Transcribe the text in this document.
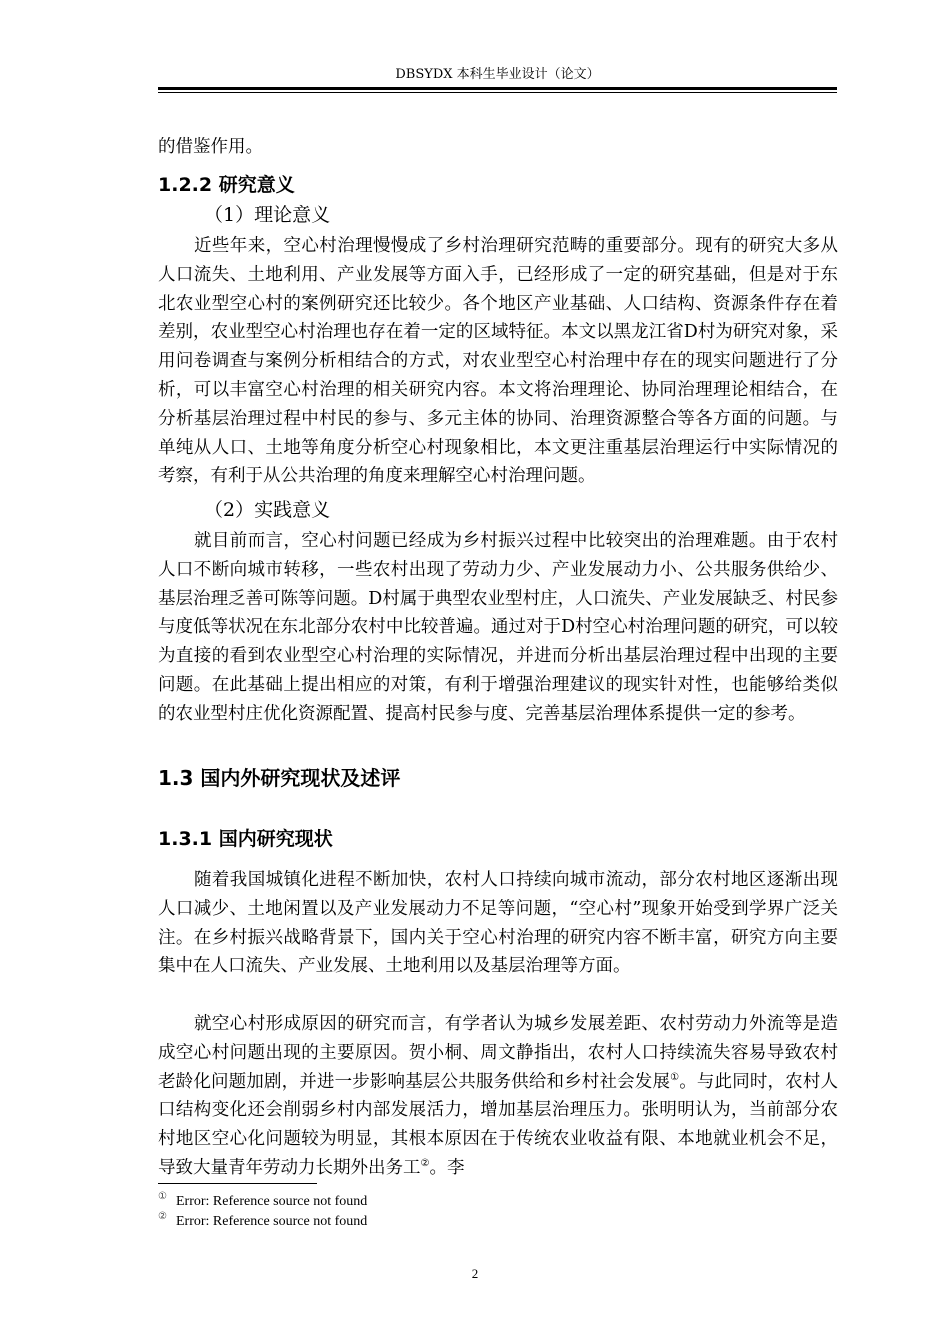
DBSYDX 本科生毕业设计（论文）

的借鉴作用。

1.2.2 研究意义

（1）理论意义

近些年来，空心村治理慢慢成了乡村治理研究范畴的重要部分。现有的研究大多从人口流失、土地利用、产业发展等方面入手，已经形成了一定的研究基础，但是对于东北农业型空心村的案例研究还比较少。各个地区产业基础、人口结构、资源条件存在着差别，农业型空心村治理也存在着一定的区域特征。本文以黑龙江省D村为研究对象，采用问卷调查与案例分析相结合的方式，对农业型空心村治理中存在的现实问题进行了分析，可以丰富空心村治理的相关研究内容。本文将治理理论、协同治理理论相结合，在分析基层治理过程中村民的参与、多元主体的协同、治理资源整合等各方面的问题。与单纯从人口、土地等角度分析空心村现象相比，本文更注重基层治理运行中实际情况的考察，有利于从公共治理的角度来理解空心村治理问题。

（2）实践意义

就目前而言，空心村问题已经成为乡村振兴过程中比较突出的治理难题。由于农村人口不断向城市转移，一些农村出现了劳动力少、产业发展动力小、公共服务供给少、基层治理乏善可陈等问题。D村属于典型农业型村庄，人口流失、产业发展缺乏、村民参与度低等状况在东北部分农村中比较普遍。通过对于D村空心村治理问题的研究，可以较为直接的看到农业型空心村治理的实际情况，并进而分析出基层治理过程中出现的主要问题。在此基础上提出相应的对策，有利于增强治理建议的现实针对性，也能够给类似的农业型村庄优化资源配置、提高村民参与度、完善基层治理体系提供一定的参考。

1.3 国内外研究现状及述评
1.3.1 国内研究现状

随着我国城镇化进程不断加快，农村人口持续向城市流动，部分农村地区逐渐出现人口减少、土地闲置以及产业发展动力不足等问题，“空心村”现象开始受到学界广泛关注。在乡村振兴战略背景下，国内关于空心村治理的研究内容不断丰富，研究方向主要集中在人口流失、产业发展、土地利用以及基层治理等方面。

就空心村形成原因的研究而言，有学者认为城乡发展差距、农村劳动力外流等是造成空心村问题出现的主要原因。贺小桐、周文静指出，农村人口持续流失容易导致农村老龄化问题加剧，并进一步影响基层公共服务供给和乡村社会发展①。与此同时，农村人口结构变化还会削弱乡村内部发展活力，增加基层治理压力。张明明认为，当前部分农村地区空心化问题较为明显，其根本原因在于传统农业收益有限、本地就业机会不足，导致大量青年劳动力长期外出务工②。李

① Error: Reference source not found
② Error: Reference source not found
2
